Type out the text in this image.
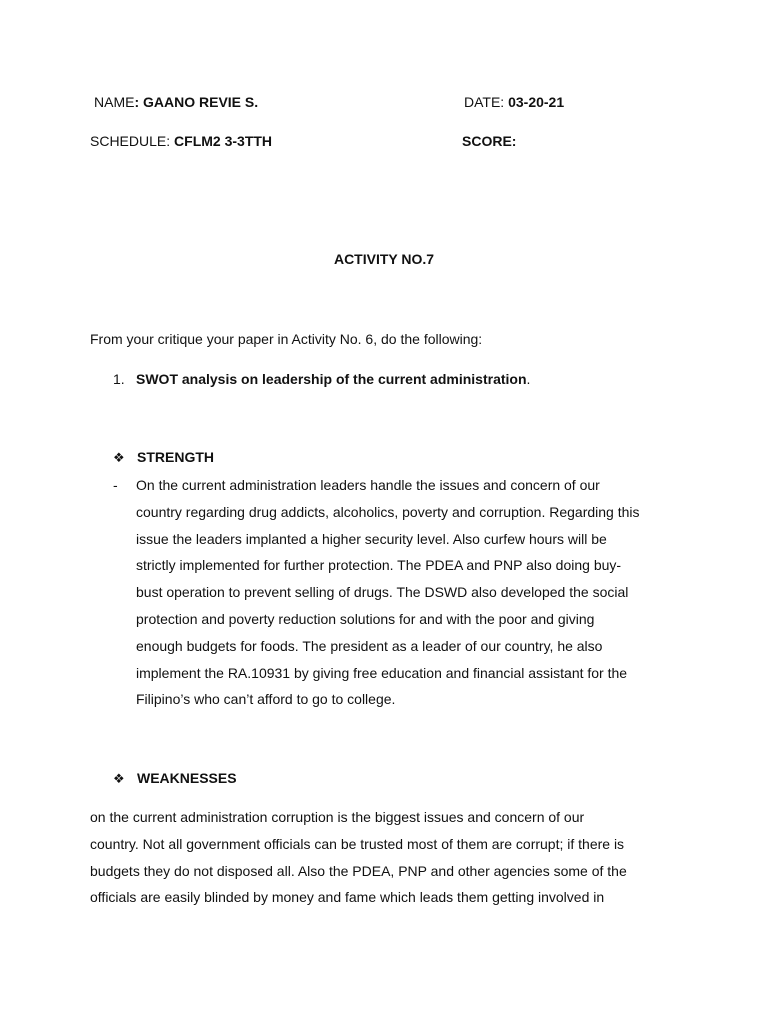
NAME: GAANO REVIE S.	DATE: 03-20-21
SCHEDULE: CFLM2 3-3TTH	SCORE:
ACTIVITY NO.7
From your critique your paper in Activity No. 6, do the following:
1. SWOT analysis on leadership of the current administration.
❖ STRENGTH
- On the current administration leaders handle the issues and concern of our
country regarding drug addicts, alcoholics, poverty and corruption. Regarding this
issue the leaders implanted a higher security level. Also curfew hours will be
strictly implemented for further protection. The PDEA and PNP also doing buy-
bust operation to prevent selling of drugs. The DSWD also developed the social
protection and poverty reduction solutions for and with the poor and giving
enough budgets for foods. The president as a leader of our country, he also
implement the RA.10931 by giving free education and financial assistant for the
Filipino’s who can’t afford to go to college.
❖ WEAKNESSES
on the current administration corruption is the biggest issues and concern of our
country. Not all government officials can be trusted most of them are corrupt; if there is
budgets they do not disposed all. Also the PDEA, PNP and other agencies some of the
officials are easily blinded by money and fame which leads them getting involved in
